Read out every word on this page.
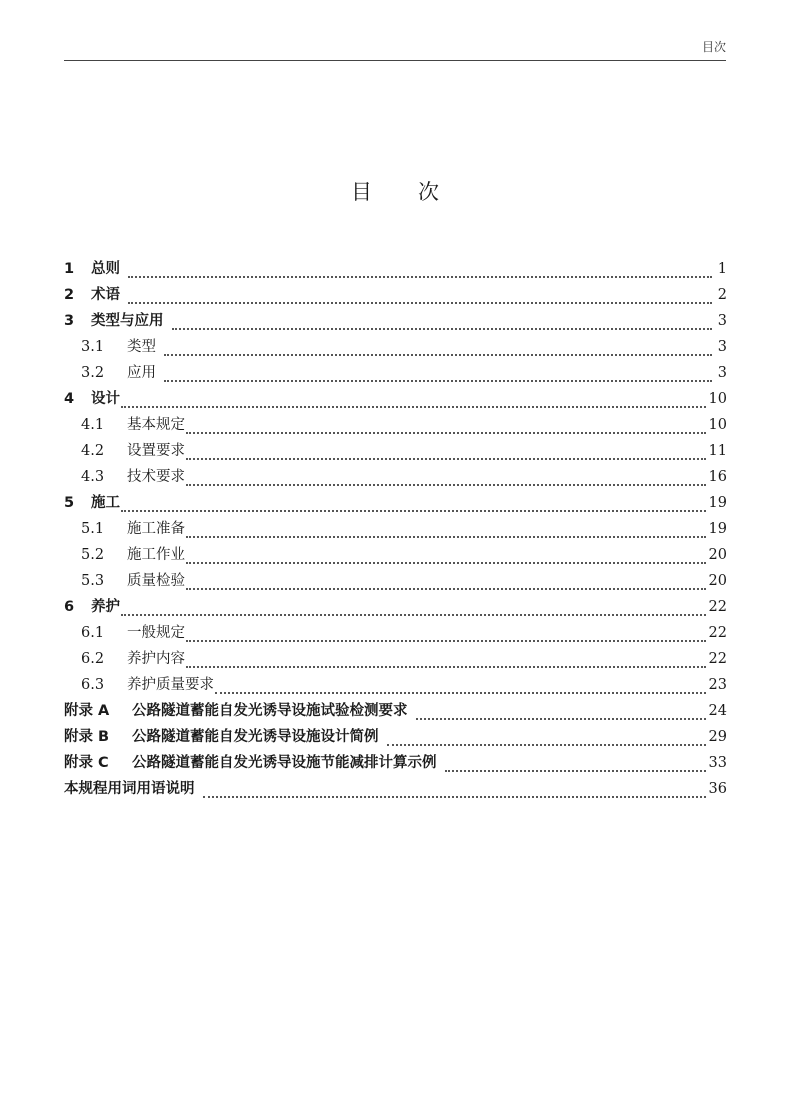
目次
目 次
1	总则	1
2	术语	2
3	类型与应用	3
3.1	类型	3
3.2	应用	3
4	设计	10
4.1	基本规定	10
4.2	设置要求	11
4.3	技术要求	16
5	施工	19
5.1	施工准备	19
5.2	施工作业	20
5.3	质量检验	20
6	养护	22
6.1	一般规定	22
6.2	养护内容	22
6.3	养护质量要求	23
附录 A	公路隧道蓄能自发光诱导设施试验检测要求	24
附录 B	公路隧道蓄能自发光诱导设施设计简例	29
附录 C	公路隧道蓄能自发光诱导设施节能减排计算示例	33
本规程用词用语说明	36
